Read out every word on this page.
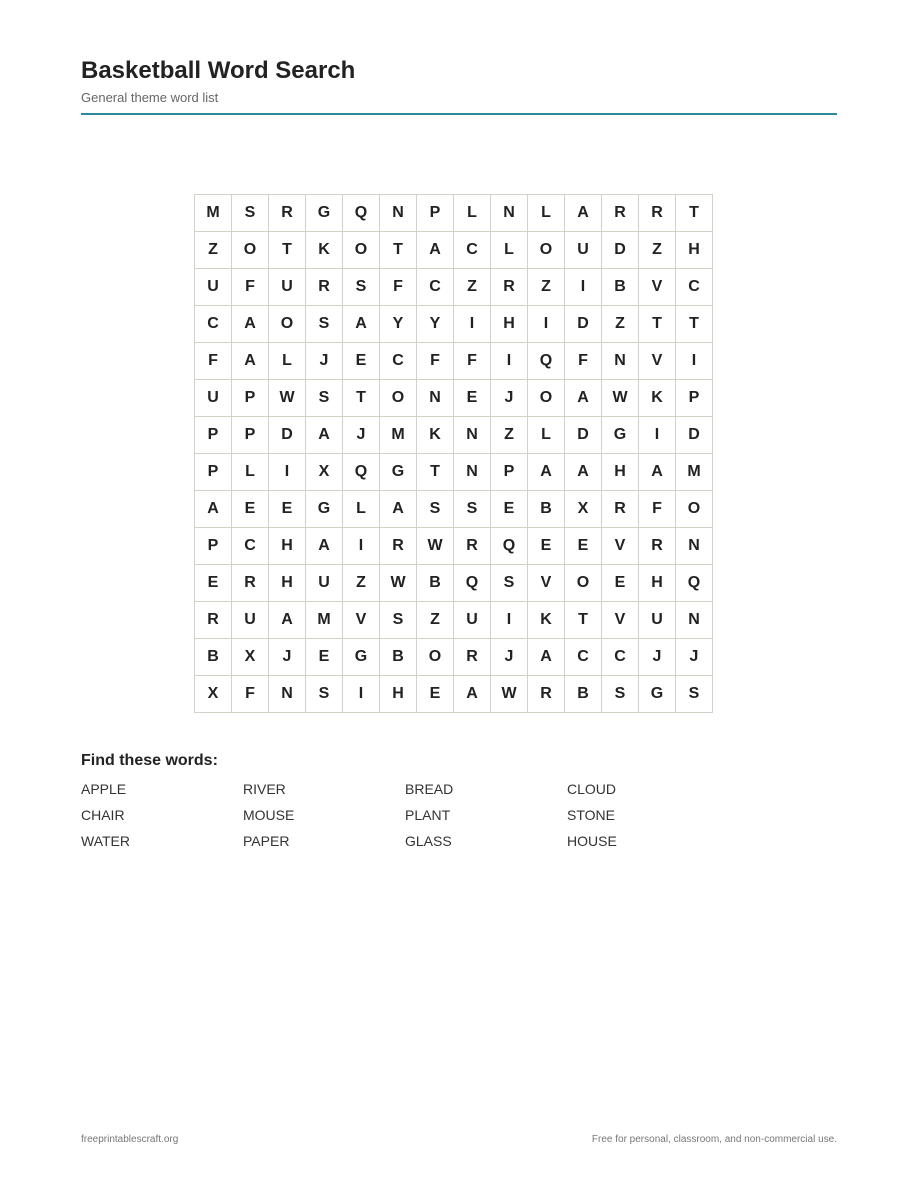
Basketball Word Search
General theme word list
M	S	R	G	Q	N	P	L	N	L	A	R	R	T
Z	O	T	K	O	T	A	C	L	O	U	D	Z	H
U	F	U	R	S	F	C	Z	R	Z	I	B	V	C
C	A	O	S	A	Y	Y	I	H	I	D	Z	T	T
F	A	L	J	E	C	F	F	I	Q	F	N	V	I
U	P	W	S	T	O	N	E	J	O	A	W	K	P
P	P	D	A	J	M	K	N	Z	L	D	G	I	D
P	L	I	X	Q	G	T	N	P	A	A	H	A	M
A	E	E	G	L	A	S	S	E	B	X	R	F	O
P	C	H	A	I	R	W	R	Q	E	E	V	R	N
E	R	H	U	Z	W	B	Q	S	V	O	E	H	Q
R	U	A	M	V	S	Z	U	I	K	T	V	U	N
B	X	J	E	G	B	O	R	J	A	C	C	J	J
X	F	N	S	I	H	E	A	W	R	B	S	G	S
Find these words:
APPLE	RIVER	BREAD	CLOUD
CHAIR	MOUSE	PLANT	STONE
WATER	PAPER	GLASS	HOUSE
freeprintablescraft.org	Free for personal, classroom, and non-commercial use.
